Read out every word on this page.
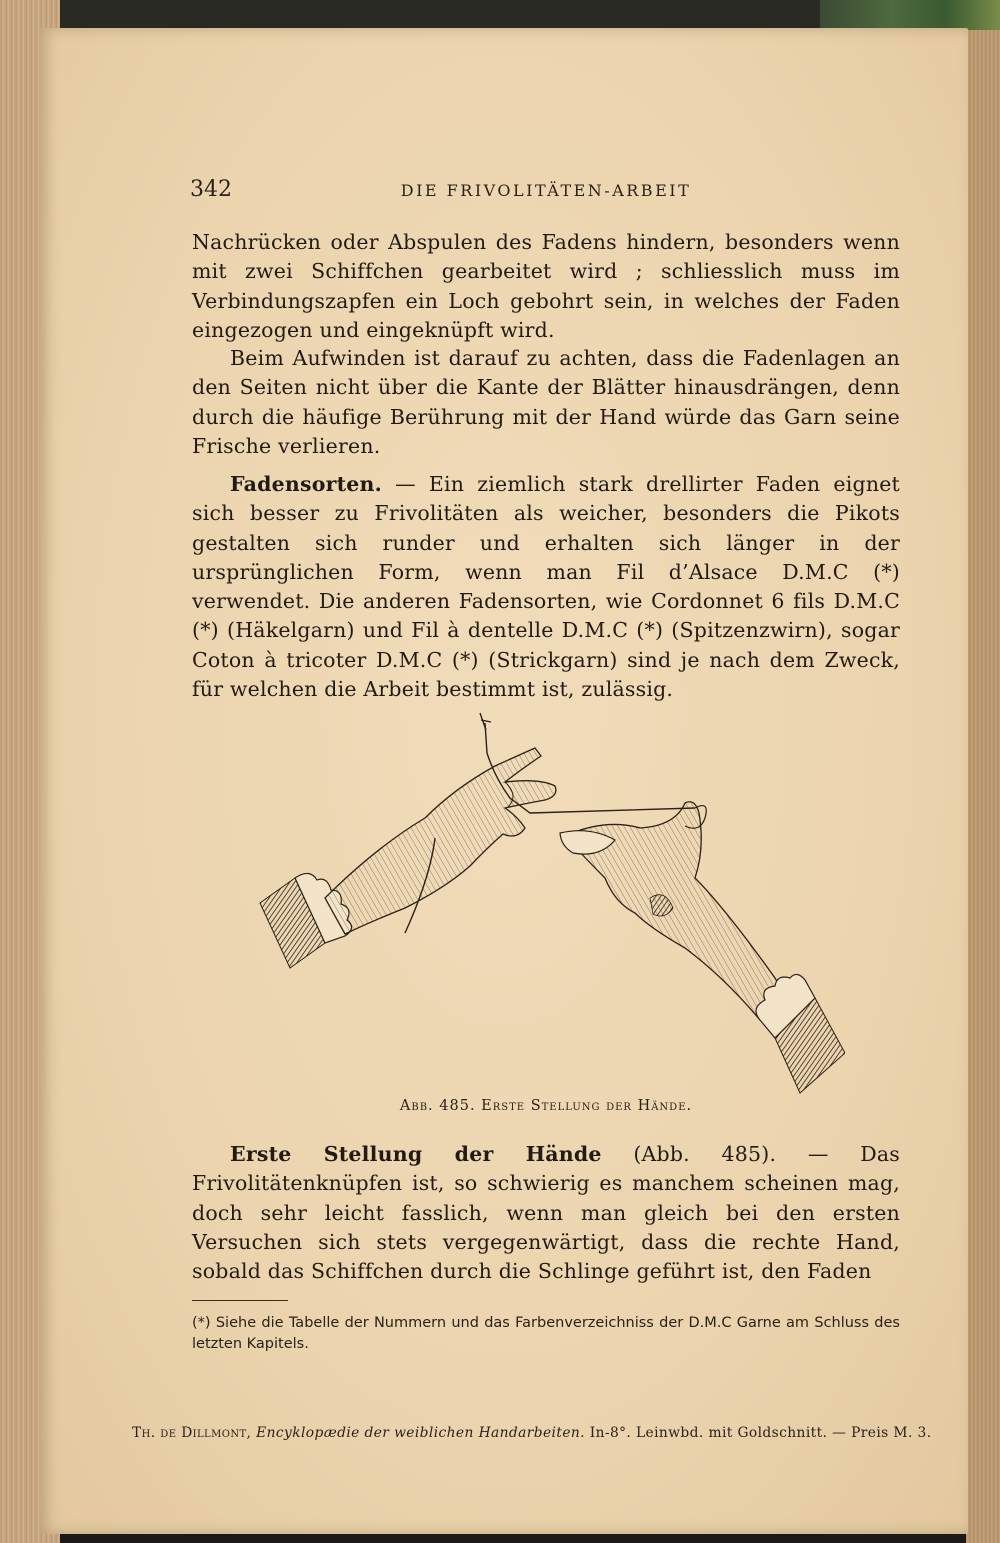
342	DIE FRIVOLITÄTEN-ARBEIT
Nachrücken oder Abspulen des Fadens hindern, besonders wenn mit zwei Schiffchen gearbeitet wird ; schliesslich muss im Verbindungszapfen ein Loch gebohrt sein, in welches der Faden eingezogen und eingeknüpft wird.
Beim Aufwinden ist darauf zu achten, dass die Fadenlagen an den Seiten nicht über die Kante der Blätter hinausdrängen, denn durch die häufige Berührung mit der Hand würde das Garn seine Frische verlieren.
Fadensorten. — Ein ziemlich stark drellirter Faden eignet sich besser zu Frivolitäten als weicher, besonders die Pikots gestalten sich runder und erhalten sich länger in der ursprünglichen Form, wenn man Fil d’Alsace D.M.C (*) verwendet. Die anderen Fadensorten, wie Cordonnet 6 fils D.M.C (*) (Häkelgarn) und Fil à dentelle D.M.C (*) (Spitzenzwirn), sogar Coton à tricoter D.M.C (*) (Strickgarn) sind je nach dem Zweck, für welchen die Arbeit bestimmt ist, zulässig.
Abb. 485. Erste Stellung der Hände.
Erste Stellung der Hände (Abb. 485). — Das Frivolitätenknüpfen ist, so schwierig es manchem scheinen mag, doch sehr leicht fasslich, wenn man gleich bei den ersten Versuchen sich stets vergegenwärtigt, dass die rechte Hand, sobald das Schiffchen durch die Schlinge geführt ist, den Faden
(*) Siehe die Tabelle der Nummern und das Farbenverzeichniss der D.M.C Garne am Schluss des letzten Kapitels.
Th. de Dillmont, Encyklopædie der weiblichen Handarbeiten. In-8°. Leinwbd. mit Goldschnitt. — Preis M. 3.
